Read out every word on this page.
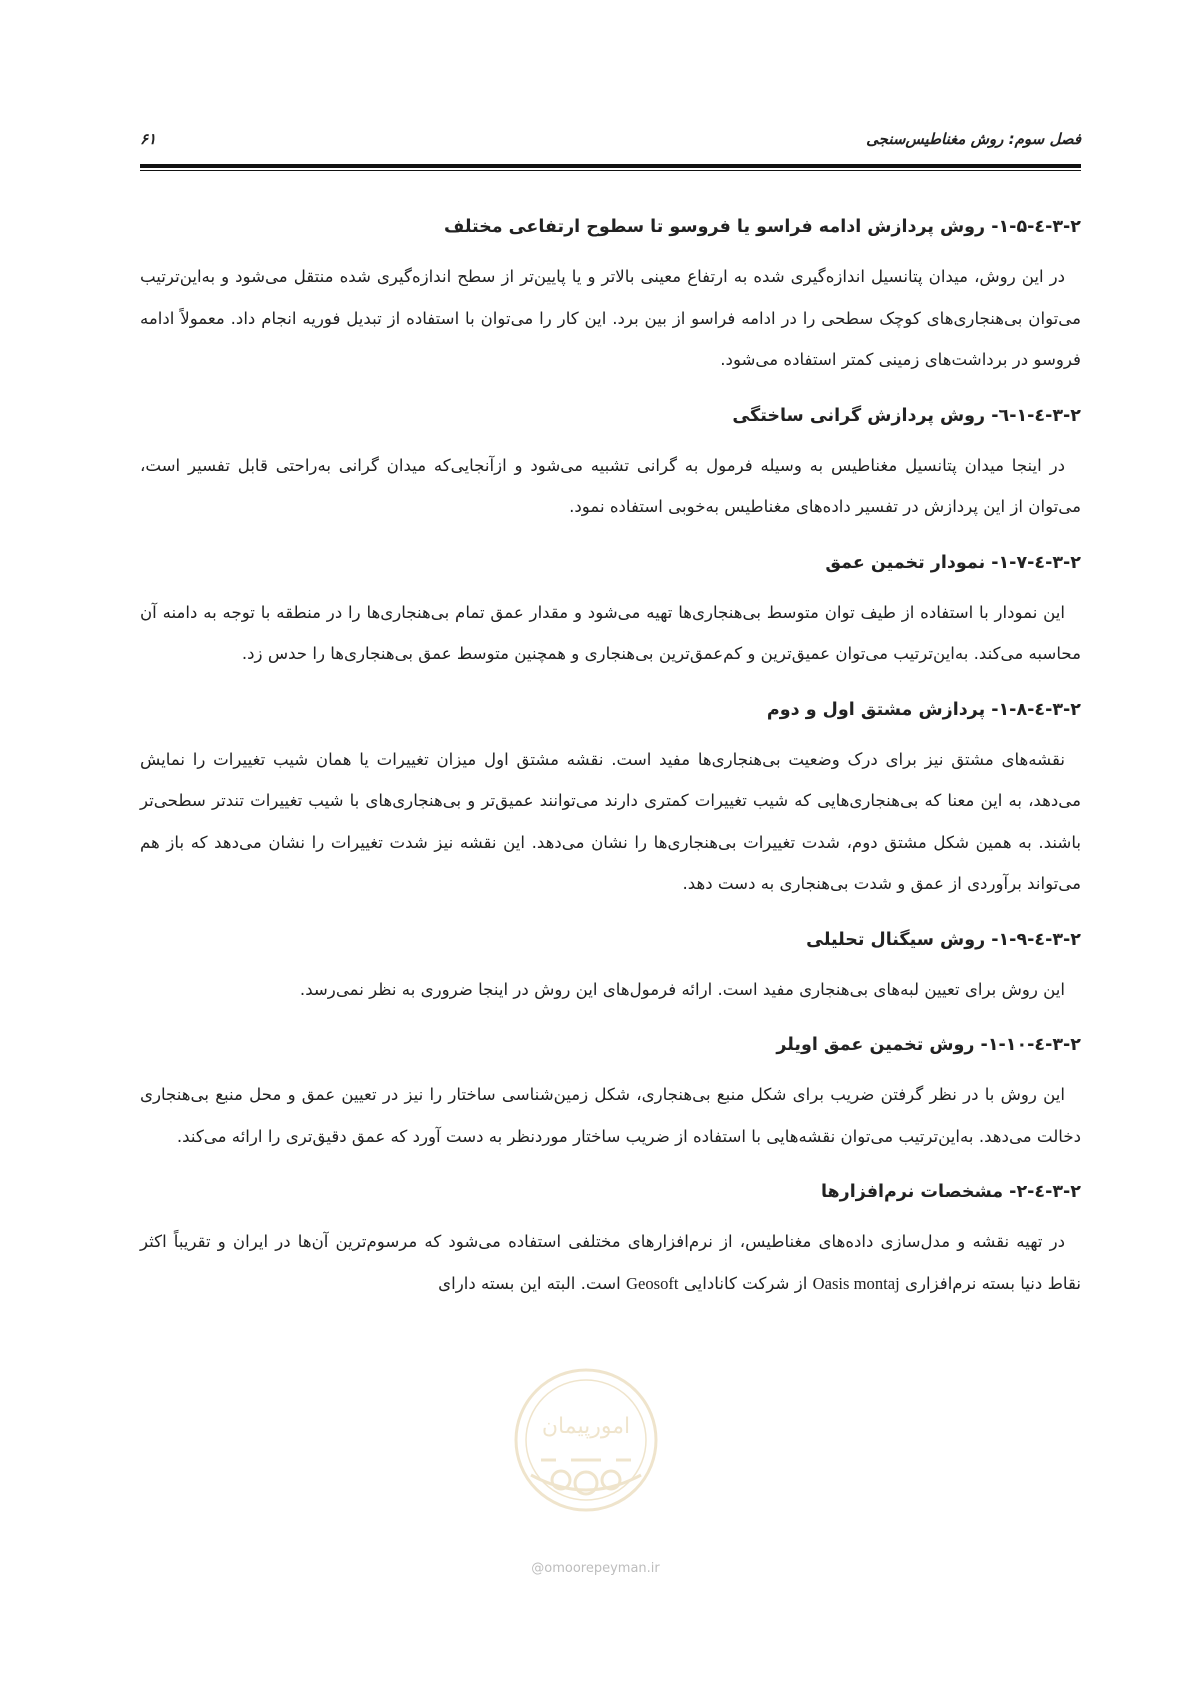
فصل سوم: روش مغناطیس‌سنجی
۶۱
۳-۲-٤-۱-۵- روش پردازش ادامه فراسو یا فروسو تا سطوح ارتفاعی مختلف

در این روش، میدان پتانسیل اندازه‌گیری شده به ارتفاع معینی بالاتر و یا پایین‌تر از سطح اندازه‌گیری شده منتقل می‌شود و به‌این‌ترتیب می‌توان بی‌هنجاری‌های کوچک سطحی را در ادامه فراسو از بین برد. این کار را می‌توان با استفاده از تبدیل فوریه انجام داد. معمولاً ادامه فروسو در برداشت‌های زمینی کمتر استفاده می‌شود.

۳-۲-٤-۱-٦- روش پردازش گرانی ساختگی

در اینجا میدان پتانسیل مغناطیس به وسیله فرمول به گرانی تشبیه می‌شود و ازآنجایی‌که میدان گرانی به‌راحتی قابل تفسیر است، می‌توان از این پردازش در تفسیر داده‌های مغناطیس به‌خوبی استفاده نمود.

۳-۲-٤-۱-۷- نمودار تخمین عمق

این نمودار با استفاده از طیف توان متوسط بی‌هنجاری‌ها تهیه می‌شود و مقدار عمق تمام بی‌هنجاری‌ها را در منطقه با توجه به دامنه آن محاسبه می‌کند. به‌این‌ترتیب می‌توان عمیق‌ترین و کم‌عمق‌ترین بی‌هنجاری و همچنین متوسط عمق بی‌هنجاری‌ها را حدس زد.

۳-۲-٤-۱-۸- پردازش مشتق اول و دوم

نقشه‌های مشتق نیز برای درک وضعیت بی‌هنجاری‌ها مفید است. نقشه مشتق اول میزان تغییرات یا همان شیب تغییرات را نمایش می‌دهد، به این معنا که بی‌هنجاری‌هایی که شیب تغییرات کمتری دارند می‌توانند عمیق‌تر و بی‌هنجاری‌های با شیب تغییرات تندتر سطحی‌تر باشند. به همین شکل مشتق دوم، شدت تغییرات بی‌هنجاری‌ها را نشان می‌دهد. این نقشه نیز شدت تغییرات را نشان می‌دهد که باز هم می‌تواند برآوردی از عمق و شدت بی‌هنجاری به دست دهد.

۳-۲-٤-۱-۹- روش سیگنال تحلیلی

این روش برای تعیین لبه‌های بی‌هنجاری مفید است. ارائه فرمول‌های این روش در اینجا ضروری به نظر نمی‌رسد.

۳-۲-٤-۱-۱۰- روش تخمین عمق اویلر

این روش با در نظر گرفتن ضریب برای شکل منبع بی‌هنجاری، شکل زمین‌شناسی ساختار را نیز در تعیین عمق و محل منبع بی‌هنجاری دخالت می‌دهد. به‌این‌ترتیب می‌توان نقشه‌هایی با استفاده از ضریب ساختار موردنظر به دست آورد که عمق دقیق‌تری را ارائه می‌کند.

۳-۲-٤-۲- مشخصات نرم‌افزارها

در تهیه نقشه و مدل‌سازی داده‌های مغناطیس، از نرم‌افزارهای مختلفی استفاده می‌شود که مرسوم‌ترین آن‌ها در ایران و تقریباً اکثر نقاط دنیا بسته نرم‌افزاری Oasis montaj از شرکت کانادایی Geosoft است. البته این بسته دارای

امورپیمان
@omoorepeyman.ir
